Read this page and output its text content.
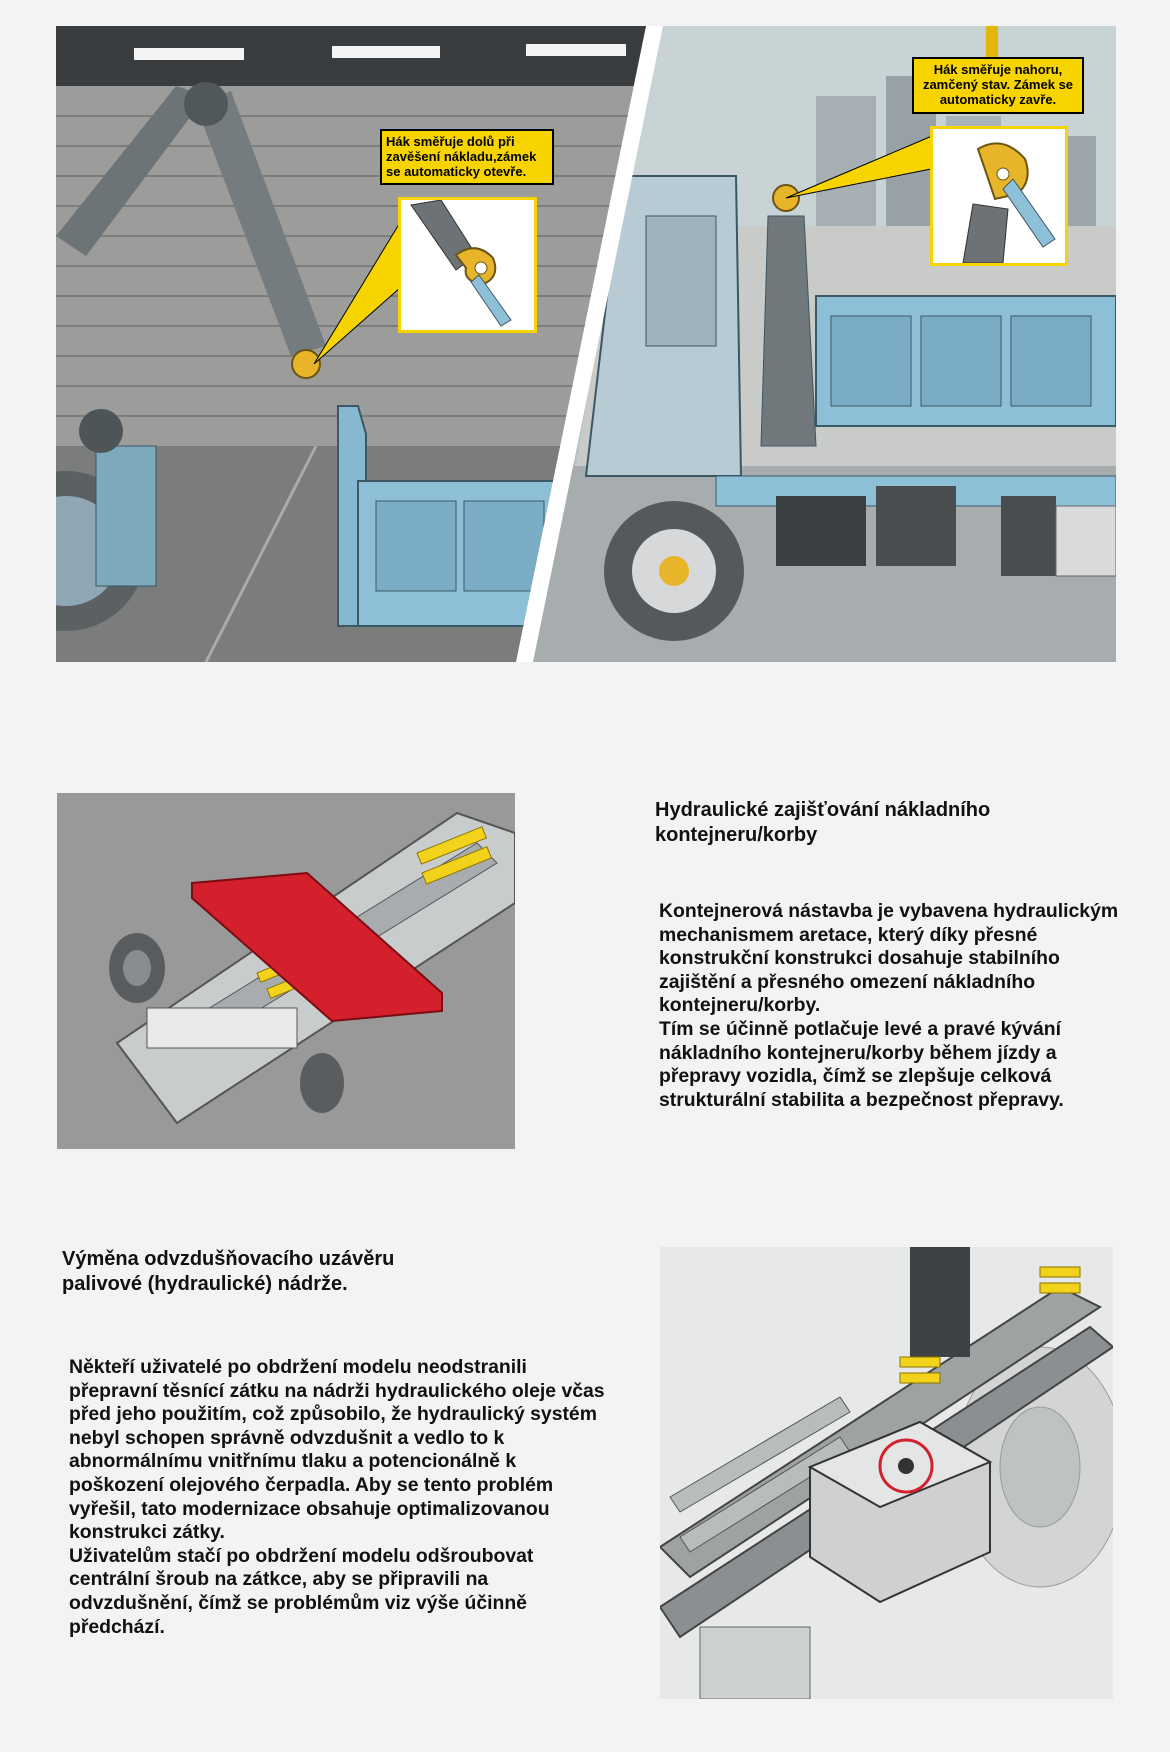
Hák směřuje dolů při zavěšení nákladu,zámek se automaticky otevře.
Hák směřuje nahoru, zamčený stav. Zámek se automaticky zavře.
Hydraulické zajišťování nákladního kontejneru/korby
Kontejnerová nástavba je vybavena hydraulickým mechanismem aretace, který díky přesné konstrukční konstrukci dosahuje stabilního zajištění a přesného omezení nákladního kontejneru/korby.
Tím se účinně potlačuje levé a pravé kývání nákladního kontejneru/korby během jízdy a přepravy vozidla, čímž se zlepšuje celková strukturální stabilita a bezpečnost přepravy.
Výměna odvzdušňovacího uzávěru palivové (hydraulické) nádrže.
Někteří uživatelé po obdržení modelu neodstranili přepravní těsnící zátku na nádrži hydraulického oleje včas před jeho použitím, což způsobilo, že hydraulický systém nebyl schopen správně odvzdušnit a vedlo to k abnormálnímu vnitřnímu tlaku a potencionálně k poškození olejového čerpadla. Aby se tento problém vyřešil, tato modernizace obsahuje optimalizovanou konstrukci zátky.
Uživatelům stačí po obdržení modelu odšroubovat centrální šroub na zátkce, aby se připravili na odvzdušnění, čímž se problémům viz výše účinně předchází.
